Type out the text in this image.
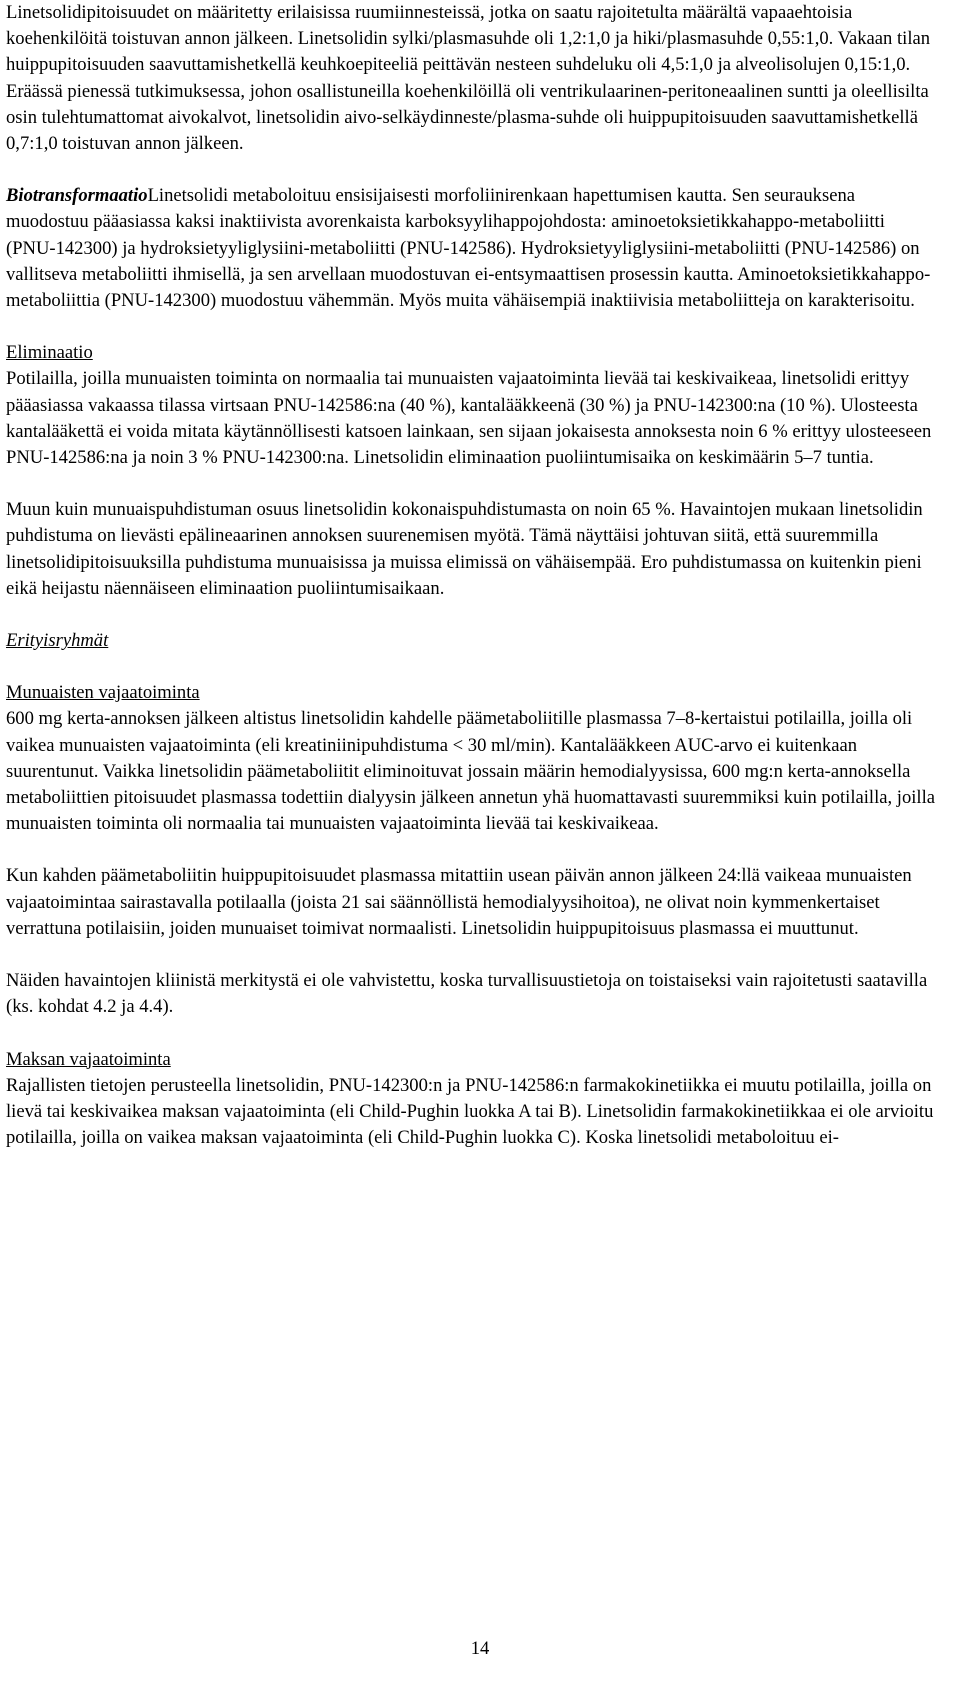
Linetsolidipitoisuudet on määritetty erilaisissa ruumiinnesteissä, jotka on saatu rajoitetulta määrältä vapaaehtoisia koehenkilöitä toistuvan annon jälkeen. Linetsolidin sylki/plasmasuhde oli 1,2:1,0 ja hiki/plasmasuhde 0,55:1,0. Vakaan tilan huippupitoisuuden saavuttamishetkellä keuhkoepiteeliä peittävän nesteen suhdeluku oli 4,5:1,0 ja alveolisolujen 0,15:1,0. Eräässä pienessä tutkimuksessa, johon osallistuneilla koehenkilöillä oli ventrikulaarinen-peritoneaalinen suntti ja oleellisilta osin tulehtumattomat aivokalvot, linetsolidin aivo-selkäydinneste/plasma-suhde oli huippupitoisuuden saavuttamishetkellä 0,7:1,0 toistuvan annon jälkeen.

BiotransformaatioLinetsolidi metaboloituu ensisijaisesti morfoliinirenkaan hapettumisen kautta. Sen seurauksena muodostuu pääasiassa kaksi inaktiivista avorenkaista karboksyylihappojohdosta: aminoetoksietikkahappo-metaboliitti (PNU-142300) ja hydroksietyyliglysiini-metaboliitti (PNU-142586). Hydroksietyyliglysiini-metaboliitti (PNU-142586) on vallitseva metaboliitti ihmisellä, ja sen arvellaan muodostuvan ei-entsymaattisen prosessin kautta. Aminoetoksietikkahappo-metaboliittia (PNU-142300) muodostuu vähemmän. Myös muita vähäisempiä inaktiivisia metaboliitteja on karakterisoitu.

Eliminaatio

Potilailla, joilla munuaisten toiminta on normaalia tai munuaisten vajaatoiminta lievää tai keskivaikeaa, linetsolidi erittyy pääasiassa vakaassa tilassa virtsaan PNU-142586:na (40 %), kantalääkkeenä (30 %) ja PNU-142300:na (10 %). Ulosteesta kantalääkettä ei voida mitata käytännöllisesti katsoen lainkaan, sen sijaan jokaisesta annoksesta noin 6 % erittyy ulosteeseen PNU-142586:na ja noin 3 % PNU-142300:na. Linetsolidin eliminaation puoliintumisaika on keskimäärin 5–7 tuntia.

Muun kuin munuaispuhdistuman osuus linetsolidin kokonaispuhdistumasta on noin 65 %. Havaintojen mukaan linetsolidin puhdistuma on lievästi epälineaarinen annoksen suurenemisen myötä. Tämä näyttäisi johtuvan siitä, että suuremmilla linetsolidipitoisuuksilla puhdistuma munuaisissa ja muissa elimissä on vähäisempää. Ero puhdistumassa on kuitenkin pieni eikä heijastu näennäiseen eliminaation puoliintumisaikaan.

Erityisryhmät

Munuaisten vajaatoiminta

600 mg kerta-annoksen jälkeen altistus linetsolidin kahdelle päämetaboliitille plasmassa 7–8-kertaistui potilailla, joilla oli vaikea munuaisten vajaatoiminta (eli kreatiniinipuhdistuma < 30 ml/min). Kantalääkkeen AUC-arvo ei kuitenkaan suurentunut. Vaikka linetsolidin päämetaboliitit eliminoituvat jossain määrin hemodialyysissa, 600 mg:n kerta-annoksella metaboliittien pitoisuudet plasmassa todettiin dialyysin jälkeen annetun yhä huomattavasti suuremmiksi kuin potilailla, joilla munuaisten toiminta oli normaalia tai munuaisten vajaatoiminta lievää tai keskivaikeaa.

Kun kahden päämetaboliitin huippupitoisuudet plasmassa mitattiin usean päivän annon jälkeen 24:llä vaikeaa munuaisten vajaatoimintaa sairastavalla potilaalla (joista 21 sai säännöllistä hemodialyysihoitoa), ne olivat noin kymmenkertaiset verrattuna potilaisiin, joiden munuaiset toimivat normaalisti. Linetsolidin huippupitoisuus plasmassa ei muuttunut.

Näiden havaintojen kliinistä merkitystä ei ole vahvistettu, koska turvallisuustietoja on toistaiseksi vain rajoitetusti saatavilla (ks. kohdat 4.2 ja 4.4).

Maksan vajaatoiminta

Rajallisten tietojen perusteella linetsolidin, PNU-142300:n ja PNU-142586:n farmakokinetiikka ei muutu potilailla, joilla on lievä tai keskivaikea maksan vajaatoiminta (eli Child-Pughin luokka A tai B). Linetsolidin farmakokinetiikkaa ei ole arvioitu potilailla, joilla on vaikea maksan vajaatoiminta (eli Child-Pughin luokka C). Koska linetsolidi metaboloituu ei-

14
